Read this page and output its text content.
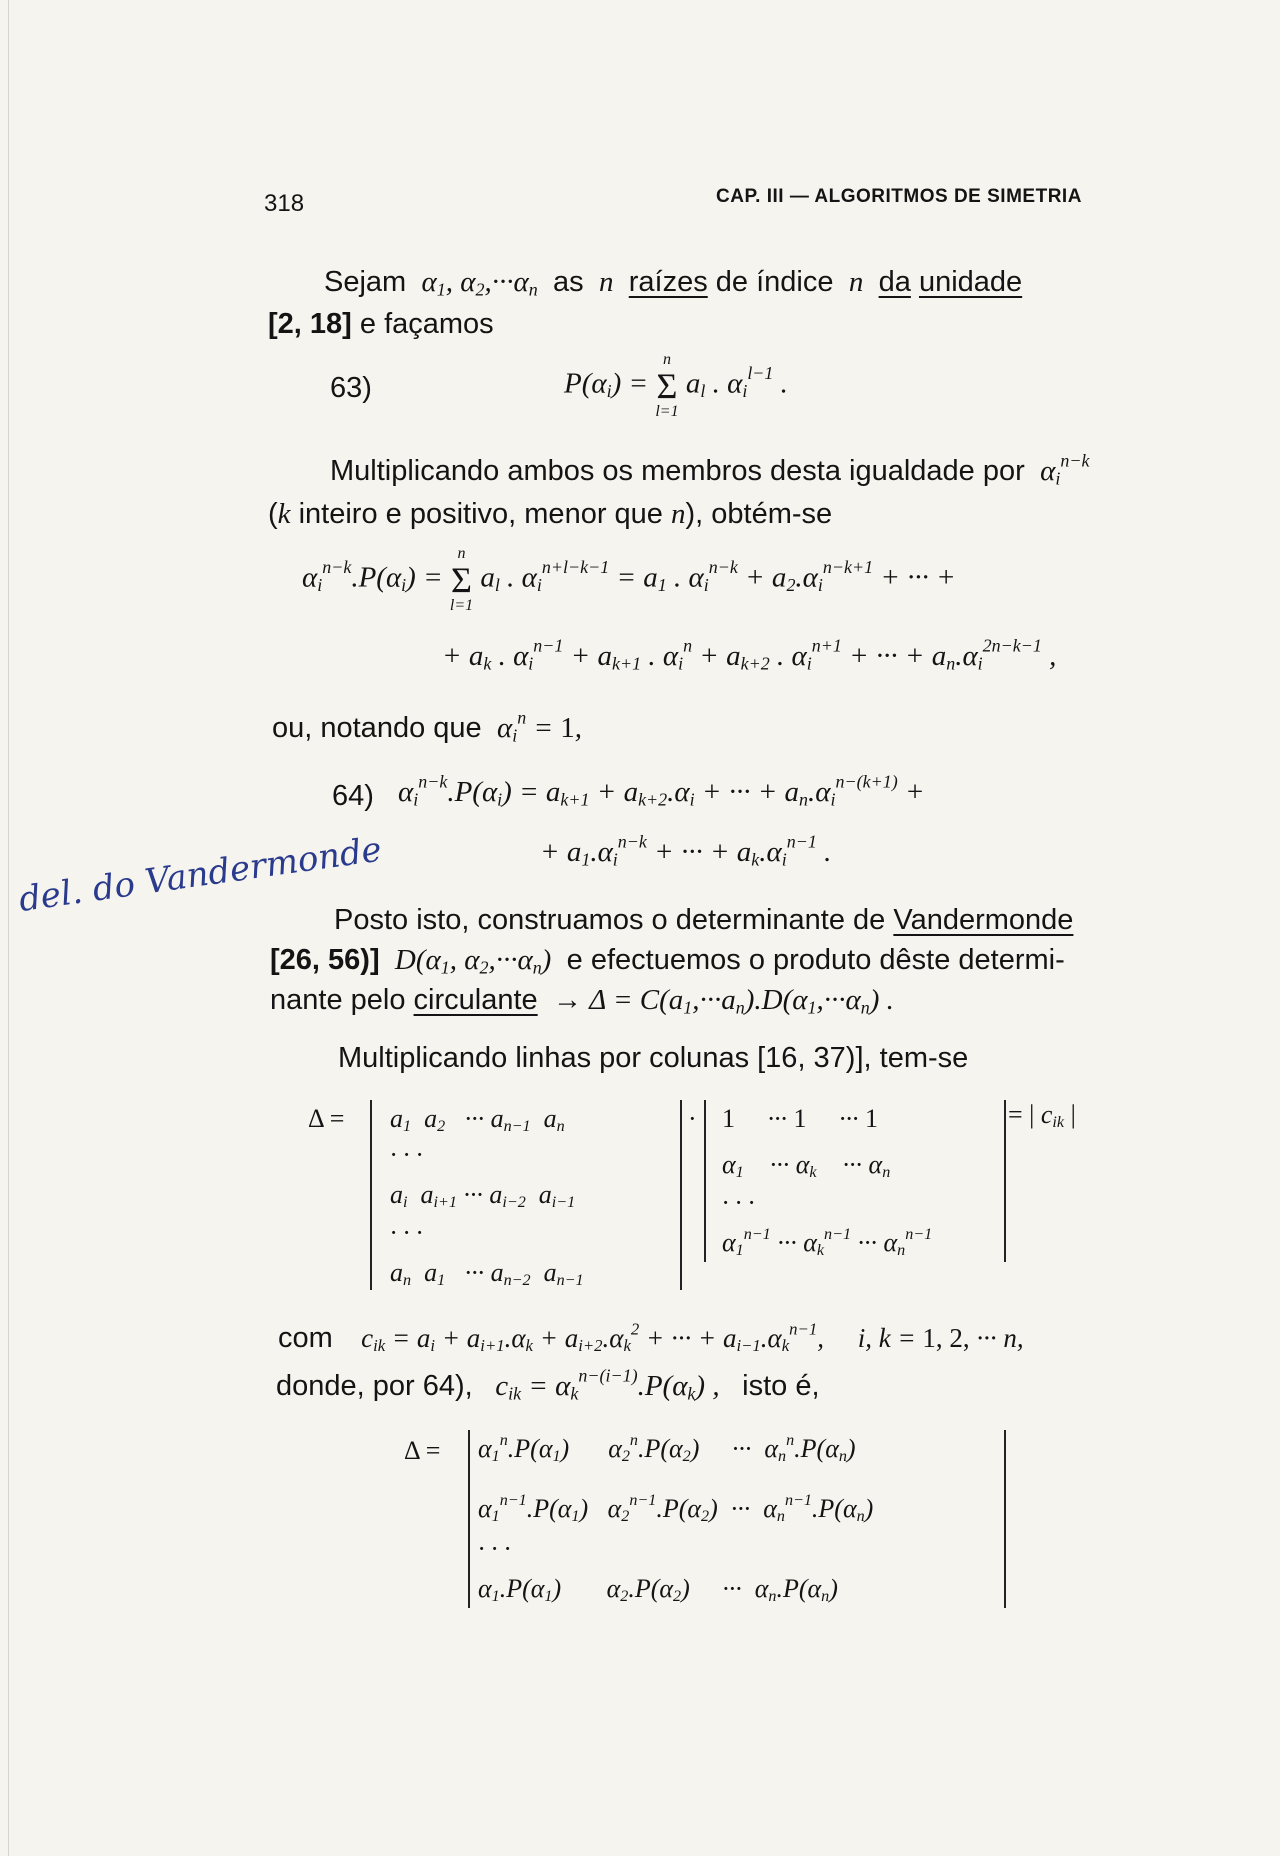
318	CAP. III — ALGORITMOS DE SIMETRIA
Sejam  $\alpha_1$, $\alpha_2,\cdot\cdot\cdot\alpha_n$ as  n  raízes de índice  n  da unidade
[2, 18] e façamos
63)	$P(\alpha_i)$ =
n
Σ
l=1
$a_l$ . $\alpha_i^{l-1}$ .
Multiplicando ambos os membros desta igualdade por  $\alpha_i^{n-k}$
(k inteiro e positivo, menor que n), obtém-se
$\alpha_i^{n-k}.P(\alpha_i)$ =
n
Σ
l=1
$a_l$ . $\alpha_i^{n+l-k-1} = a_1$ . $\alpha_i^{n-k} + a_2.\alpha_i^{n-k+1}$ + ··· +
+ $a_k$ . $\alpha_i^{n-1} + a_{k+1}$ . $\alpha_i^n + a_{k+2}$ . $\alpha_i^{n+1}$ + ··· + $a_n.\alpha_i^{2n-k-1}$ ,
ou, notando que  $\alpha_i^n = 1$,
64) $\alpha_i^{n-k}.P(\alpha_i) = a_{k+1} + a_{k+2}.\alpha_i$ + ··· + $a_n.\alpha_i^{n-(k+1)}$ +
+ $a_1.\alpha_i^{n-k}$ + ··· + $a_k.\alpha_i^{n-1}$ .
del. do Vandermonde
Posto isto, construamos o determinante de Vandermonde
[26, 56)]  $D(\alpha_1$, $\alpha_2,\cdot\cdot\cdot\alpha_n$)  e efectuemos o produto dêste determi-
nante pelo circulante  → $\Delta = C(a_1,\cdot\cdot\cdot a_n).D(\alpha_1,\cdot\cdot\cdot\alpha_n)$ .
Multiplicando linhas por colunas [16, 37)], tem-se
$\Delta = a_1$  $a_2$   ··· $a_{n-1}$  $a_n$
· · ·
$a_i$  $a_{i+1}$ ··· $a_{i-2}$  $a_{i-1}$
· · ·
$a_n$  $a_1$   ··· $a_{n-2}$  $a_{n-1}$
· 1     ··· 1     ··· 1
$\alpha_1$    ··· $\alpha_k$    ··· $\alpha_n$
· · ·
$\alpha_1^{n-1}$ ··· $\alpha_k^{n-1}$ ··· $\alpha_n^{n-1}$
= | $c_{ik}$ |
com    $c_{ik} = a_i + a_{i+1}.\alpha_k + a_{i+2}.\alpha_k^2$ + ··· + $a_{i-1}.\alpha_k^{n-1}$,     i, k = 1, 2, ··· n,
donde, por 64),   $c_{ik} = \alpha_k^{n-(i-1)}.P(\alpha_k)$ ,   isto é,
$\Delta = \alpha_1^n.P(\alpha_1)$      $\alpha_2^n.P(\alpha_2)$     ···  $\alpha_n^n.P(\alpha_n)$
$\alpha_1^{n-1}.P(\alpha_1)$   $\alpha_2^{n-1}.P(\alpha_2)$  ···  $\alpha_n^{n-1}.P(\alpha_n)$
· · ·
$\alpha_1.P(\alpha_1)$       $\alpha_2.P(\alpha_2)$     ···  $\alpha_n.P(\alpha_n)$
